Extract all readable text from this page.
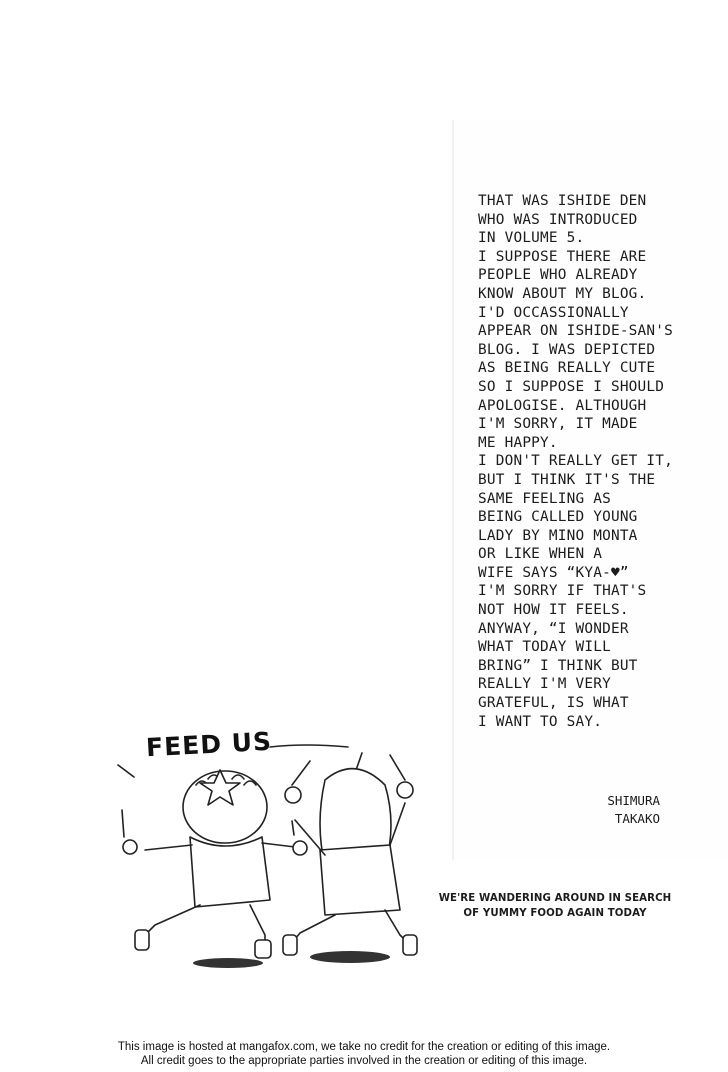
THAT WAS ISHIDE DEN
WHO WAS INTRODUCED
IN VOLUME 5.
I SUPPOSE THERE ARE
PEOPLE WHO ALREADY
KNOW ABOUT MY BLOG.
I'D OCCASSIONALLY
APPEAR ON ISHIDE-SAN'S
BLOG. I WAS DEPICTED
AS BEING REALLY CUTE
SO I SUPPOSE I SHOULD
APOLOGISE. ALTHOUGH
I'M SORRY, IT MADE
ME HAPPY.
I DON'T REALLY GET IT,
BUT I THINK IT'S THE
SAME FEELING AS
BEING CALLED YOUNG
LADY BY MINO MONTA
OR LIKE WHEN A
WIFE SAYS “KYA-♥”
I'M SORRY IF THAT'S
NOT HOW IT FEELS.
ANYWAY, “I WONDER
WHAT TODAY WILL
BRING” I THINK BUT
REALLY I'M VERY
GRATEFUL, IS WHAT
I WANT TO SAY.
SHIMURA
TAKAKO
FEED US
WE'RE WANDERING AROUND IN SEARCH
OF YUMMY FOOD AGAIN TODAY
This image is hosted at mangafox.com, we take no credit for the creation or editing of this image.
All credit goes to the appropriate parties involved in the creation or editing of this image.
